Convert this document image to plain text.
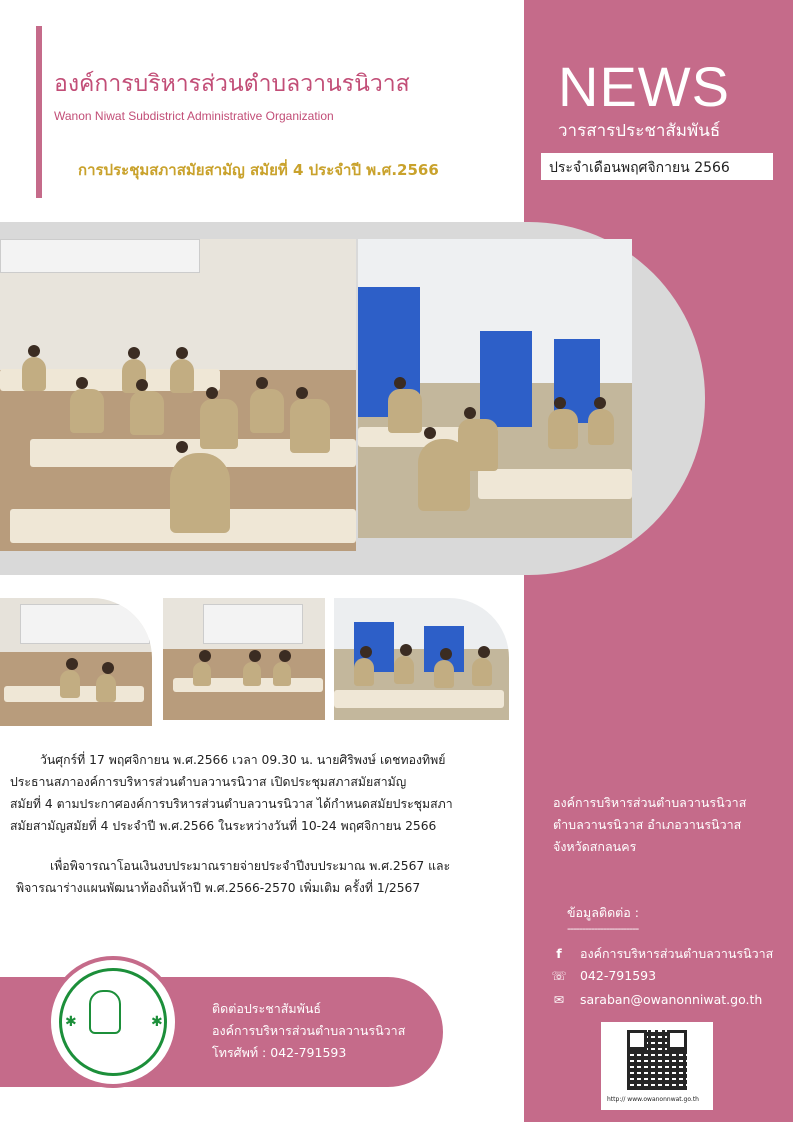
องค์การบริหารส่วนตำบลวานรนิวาส
Wanon Niwat Subdistrict Administrative Organization
การประชุมสภาสมัยสามัญ สมัยที่ 4 ประจำปี พ.ศ.2566
NEWS
วารสารประชาสัมพันธ์
ประจำเดือนพฤศจิกายน 2566
วันศุกร์ที่ 17 พฤศจิกายน พ.ศ.2566 เวลา 09.30 น. นายศิริพงษ์ เดชทองทิพย์
ประธานสภาองค์การบริหารส่วนตำบลวานรนิวาส เปิดประชุมสภาสมัยสามัญ
สมัยที่ 4 ตามประกาศองค์การบริหารส่วนตำบลวานรนิวาส ได้กำหนดสมัยประชุมสภา
สมัยสามัญสมัยที่ 4 ประจำปี พ.ศ.2566 ในระหว่างวันที่ 10-24 พฤศจิกายน 2566
เพื่อพิจารณาโอนเงินงบประมาณรายจ่ายประจำปีงบประมาณ พ.ศ.2567 และ
พิจารณาร่างแผนพัฒนาท้องถิ่นห้าปี พ.ศ.2566-2570 เพิ่มเติม ครั้งที่ 1/2567
องค์การบริหารส่วนตำบลวานรนิวาส
ตำบลวานรนิวาส อำเภอวานรนิวาส
จังหวัดสกลนคร
ข้อมูลติดต่อ :
------------------------
f องค์การบริหารส่วนตำบลวานรนิวาส
☏ 042-791593
✉ saraban@owanonniwat.go.th
http:// www.owanonnwat.go.th
✱	✱
ติดต่อประชาสัมพันธ์
องค์การบริหารส่วนตำบลวานรนิวาส
โทรศัพท์ : 042-791593
